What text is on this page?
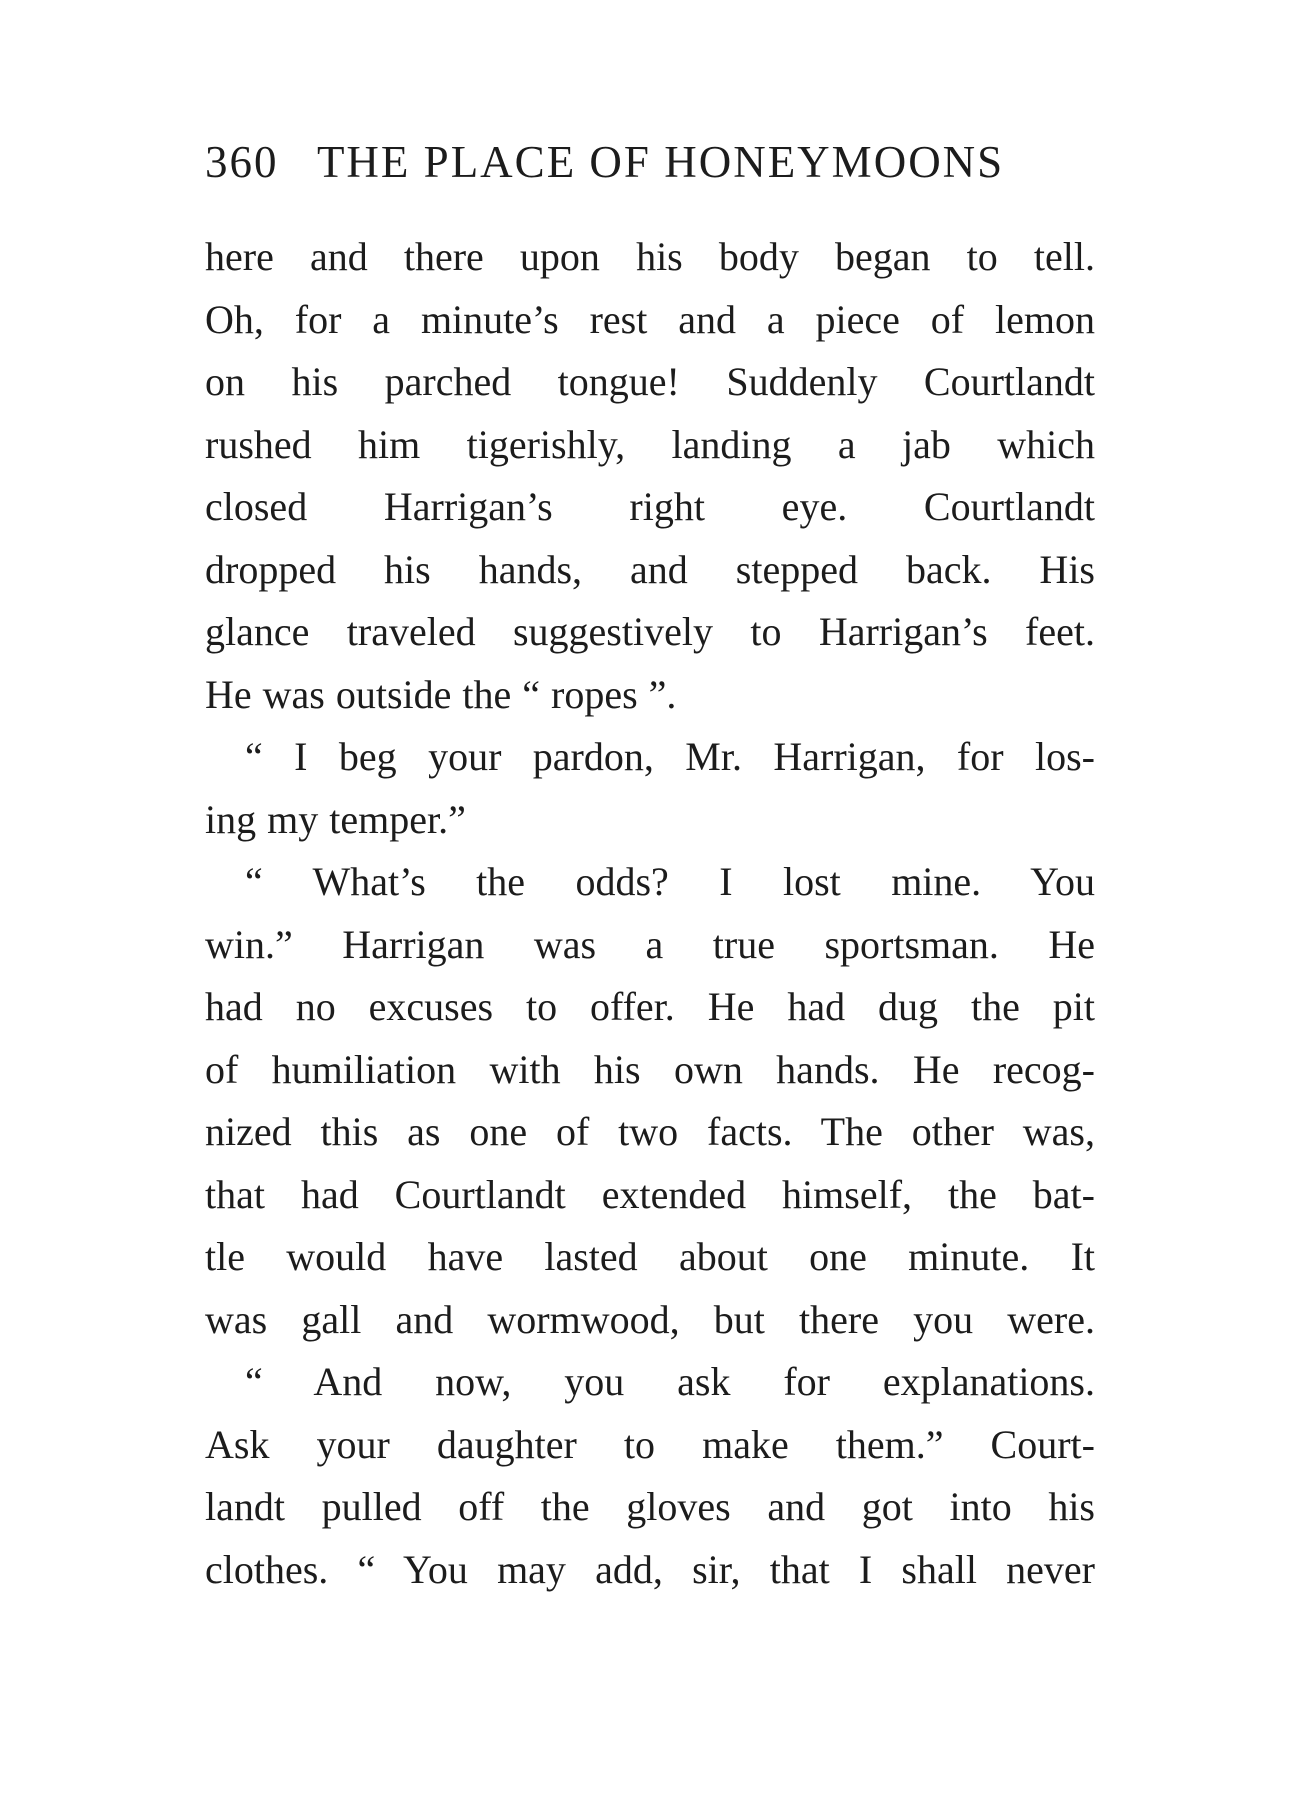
360 THE PLACE OF HONEYMOONS
here and there upon his body began to tell.
Oh, for a minute’s rest and a piece of lemon
on his parched tongue! Suddenly Courtlandt
rushed him tigerishly, landing a jab which
closed Harrigan’s right eye. Courtlandt
dropped his hands, and stepped back. His
glance traveled suggestively to Harrigan’s feet.
He was outside the “ ropes ”.
“ I beg your pardon, Mr. Harrigan, for los-
ing my temper.”
“ What’s the odds? I lost mine. You
win.” Harrigan was a true sportsman. He
had no excuses to offer. He had dug the pit
of humiliation with his own hands. He recog-
nized this as one of two facts. The other was,
that had Courtlandt extended himself, the bat-
tle would have lasted about one minute. It
was gall and wormwood, but there you were.
“ And now, you ask for explanations.
Ask your daughter to make them.” Court-
landt pulled off the gloves and got into his
clothes. “ You may add, sir, that I shall never
